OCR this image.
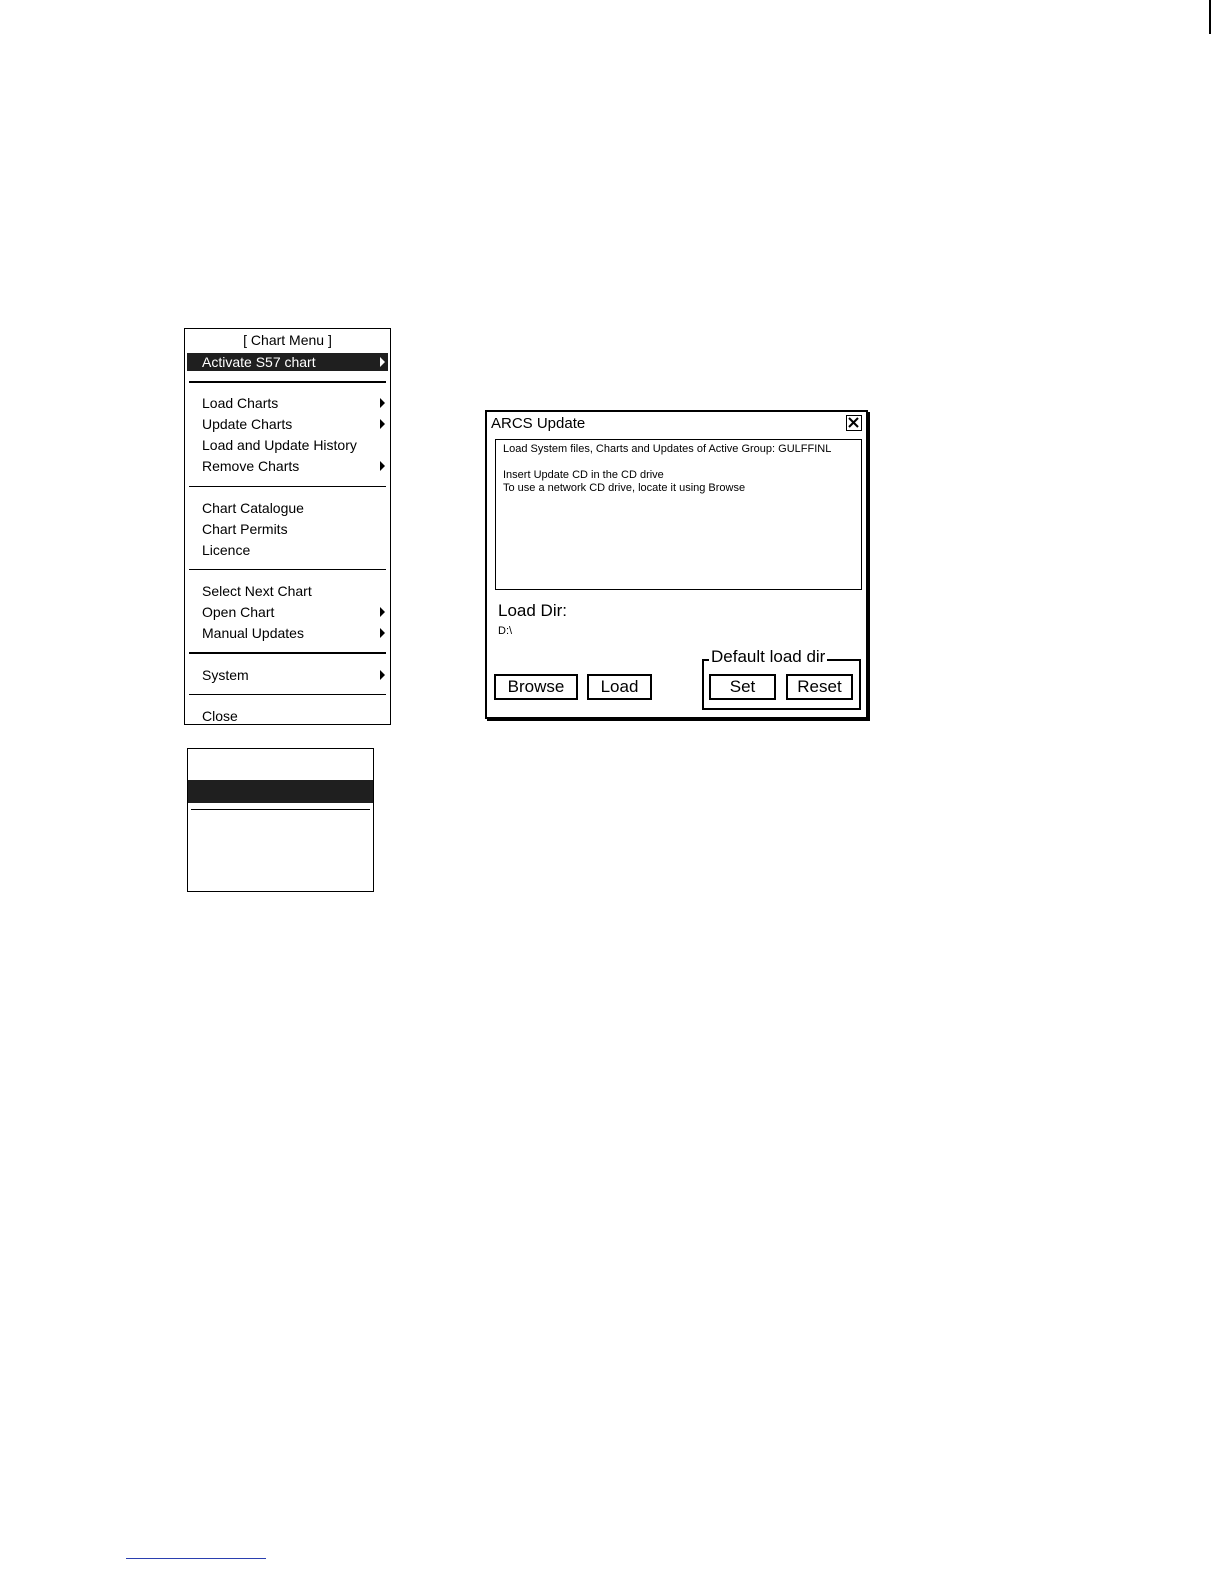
[ Chart Menu ]
Activate S57 chart
Load Charts
Update Charts
Load and Update History
Remove Charts
Chart Catalogue
Chart Permits
Licence
Select Next Chart
Open Chart
Manual Updates
System
Close
ARCS Update
Load System files, Charts and Updates of Active Group: GULFFINL
Insert Update CD in the CD drive
To use a network CD drive, locate it using Browse
Load Dir:
D:\
Browse	Load
Default load dir
Set	Reset
